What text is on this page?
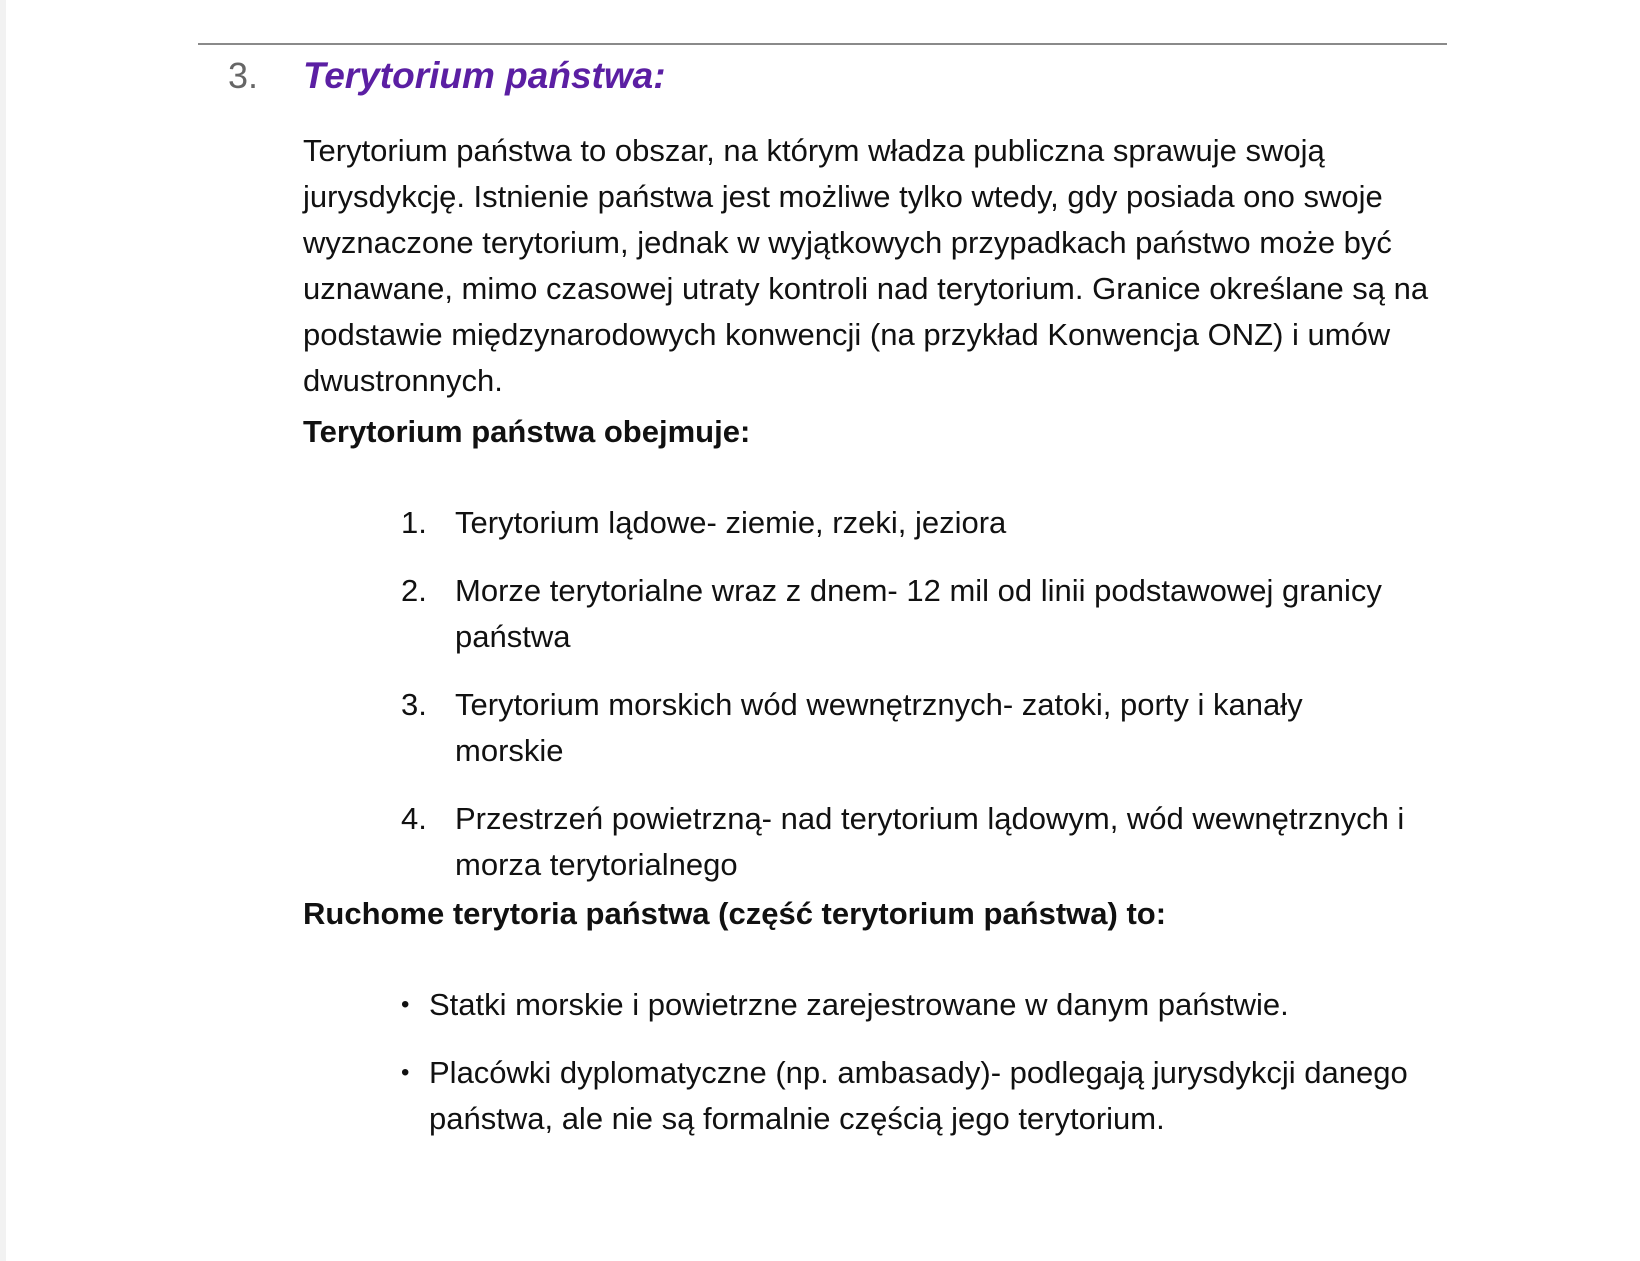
3.	Terytorium państwa:

Terytorium państwa to obszar, na którym władza publiczna sprawuje swoją jurysdykcję. Istnienie państwa jest możliwe tylko wtedy, gdy posiada ono swoje wyznaczone terytorium, jednak w wyjątkowych przypadkach państwo może być uznawane, mimo czasowej utraty kontroli nad terytorium. Granice określane są na podstawie międzynarodowych konwencji (na przykład Konwencja ONZ) i umów dwustronnych.

Terytorium państwa obejmuje:

1. Terytorium lądowe- ziemie, rzeki, jeziora
2. Morze terytorialne wraz z dnem- 12 mil od linii podstawowej granicy państwa
3. Terytorium morskich wód wewnętrznych- zatoki, porty i kanały morskie
4. Przestrzeń powietrzną- nad terytorium lądowym, wód wewnętrznych i morza terytorialnego

Ruchome terytoria państwa (część terytorium państwa) to:

• Statki morskie i powietrzne zarejestrowane w danym państwie.
• Placówki dyplomatyczne (np. ambasady)- podlegają jurysdykcji danego państwa, ale nie są formalnie częścią jego terytorium.
